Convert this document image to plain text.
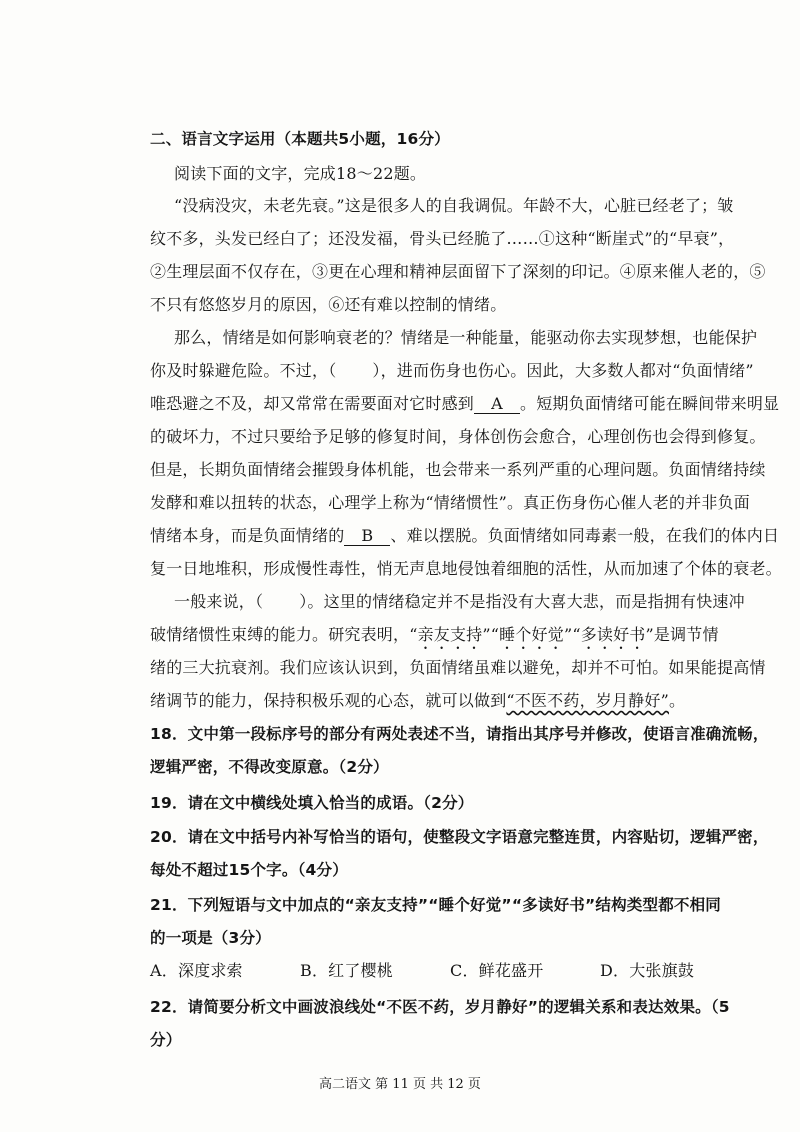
二、语言文字运用（本题共5小题，16分）
阅读下面的文字，完成18～22题。
“没病没灾，未老先衰。”这是很多人的自我调侃。年龄不大，心脏已经老了；皱
纹不多，头发已经白了；还没发福，骨头已经脆了……①这种“断崖式”的“早衰”，
②生理层面不仅存在，③更在心理和精神层面留下了深刻的印记。④原来催人老的，⑤
不只有悠悠岁月的原因，⑥还有难以控制的情绪。
那么，情绪是如何影响衰老的？情绪是一种能量，能驱动你去实现梦想，也能保护
你及时躲避危险。不过，（ ），进而伤身也伤心。因此，大多数人都对“负面情绪”
唯恐避之不及，却又常常在需要面对它时感到 A 。短期负面情绪可能在瞬间带来明显
的破坏力，不过只要给予足够的修复时间，身体创伤会愈合，心理创伤也会得到修复。
但是，长期负面情绪会摧毁身体机能，也会带来一系列严重的心理问题。负面情绪持续
发酵和难以扭转的状态，心理学上称为“情绪惯性”。真正伤身伤心催人老的并非负面
情绪本身，而是负面情绪的 B 、难以摆脱。负面情绪如同毒素一般，在我们的体内日
复一日地堆积，形成慢性毒性，悄无声息地侵蚀着细胞的活性，从而加速了个体的衰老。
一般来说，（ ）。这里的情绪稳定并不是指没有大喜大悲，而是指拥有快速冲
破情绪惯性束缚的能力。研究表明，“亲友支持”“睡个好觉”“多读好书”是调节情
绪的三大抗衰剂。我们应该认识到，负面情绪虽难以避免，却并不可怕。如果能提高情
绪调节的能力，保持积极乐观的心态，就可以做到“不医不药，岁月静好”。
18．文中第一段标序号的部分有两处表述不当，请指出其序号并修改，使语言准确流畅，
逻辑严密，不得改变原意。（2分）
19．请在文中横线处填入恰当的成语。（2分）
20．请在文中括号内补写恰当的语句，使整段文字语意完整连贯，内容贴切，逻辑严密，
每处不超过15个字。（4分）
21．下列短语与文中加点的“亲友支持”“睡个好觉”“多读好书”结构类型都不相同
的一项是（3分）
A．深度求索	B．红了樱桃	C．鲜花盛开	D．大张旗鼓
22．请简要分析文中画波浪线处“不医不药，岁月静好”的逻辑关系和表达效果。（5
分）
高二语文 第 11 页 共 12 页
